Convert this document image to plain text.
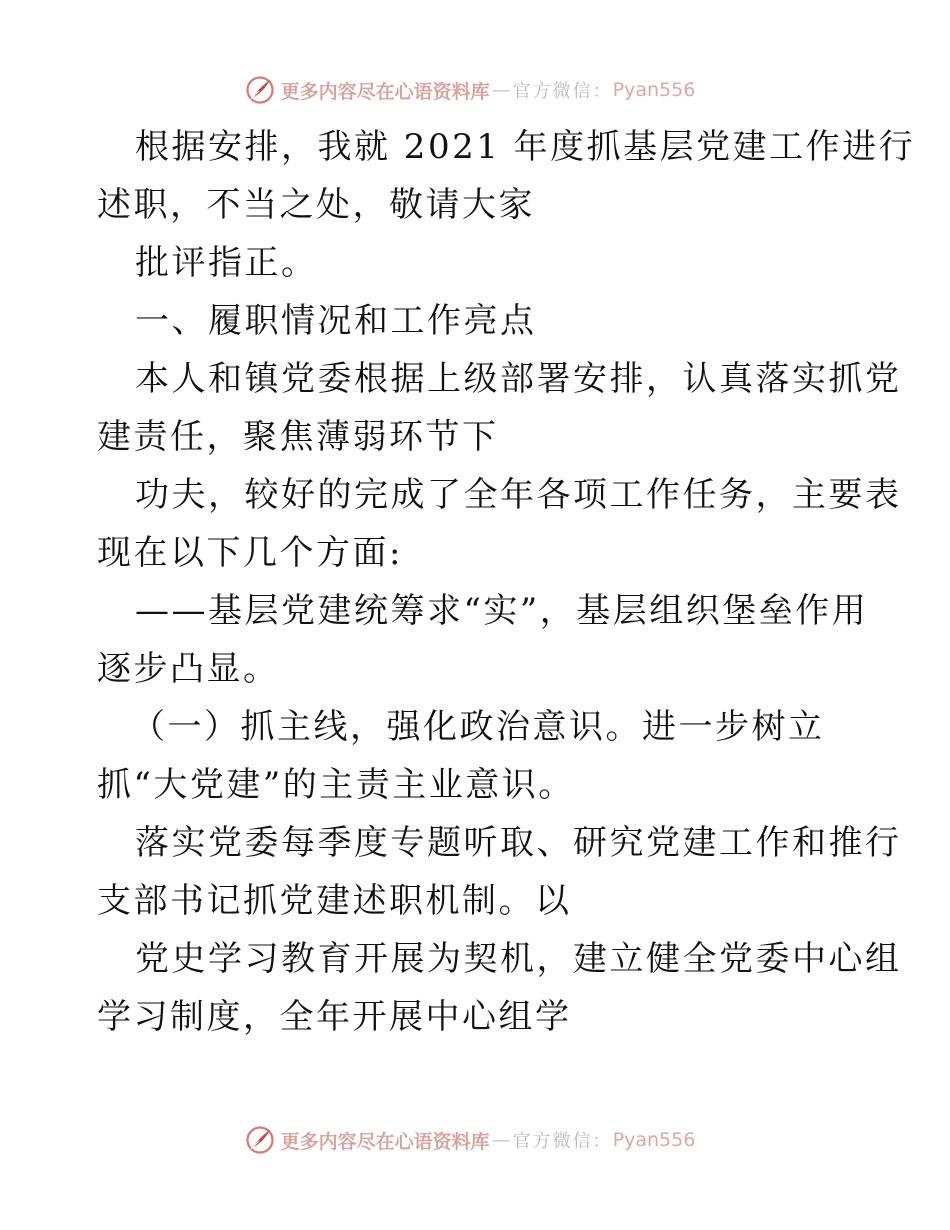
更多内容尽在心语资料库 — 官方微信： Pyan556
根据安排，我就 2021 年度抓基层党建工作进行
述职，不当之处，敬请大家
批评指正。
一、履职情况和工作亮点
本人和镇党委根据上级部署安排，认真落实抓党
建责任，聚焦薄弱环节下
功夫，较好的完成了全年各项工作任务，主要表
现在以下几个方面:
——基层党建统筹求“实”，基层组织堡垒作用
逐步凸显。
（一）抓主线，强化政治意识。进一步树立
抓“大党建”的主责主业意识。
落实党委每季度专题听取、研究党建工作和推行
支部书记抓党建述职机制。以
党史学习教育开展为契机，建立健全党委中心组
学习制度，全年开展中心组学
更多内容尽在心语资料库 — 官方微信： Pyan556
